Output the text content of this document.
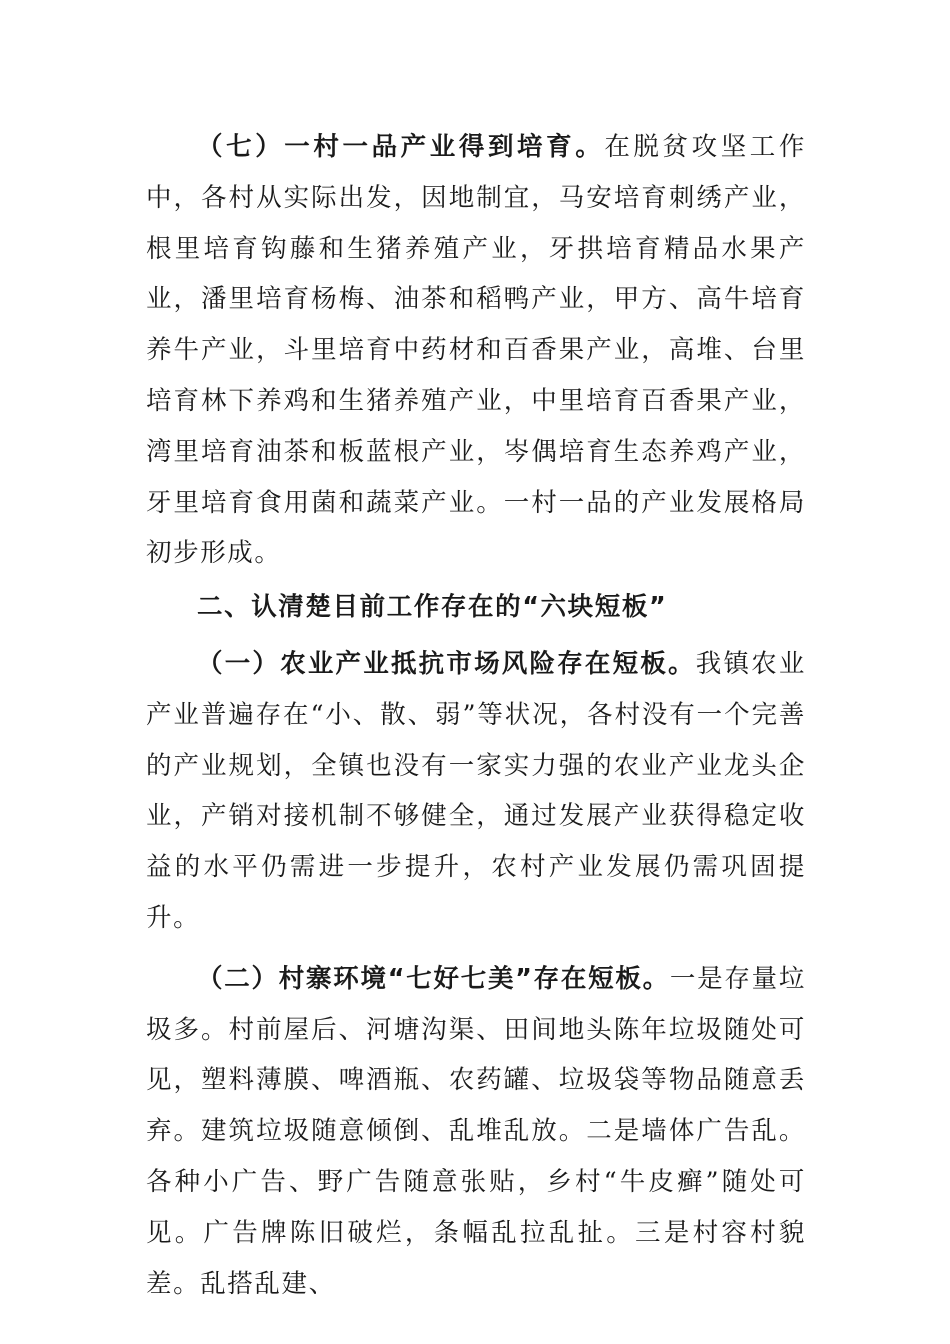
（七）一村一品产业得到培育。在脱贫攻坚工作中，各村从实际出发，因地制宜，马安培育刺绣产业，根里培育钩藤和生猪养殖产业，牙拱培育精品水果产业，潘里培育杨梅、油茶和稻鸭产业，甲方、高牛培育养牛产业，斗里培育中药材和百香果产业，高堆、台里培育林下养鸡和生猪养殖产业，中里培育百香果产业，湾里培育油茶和板蓝根产业，岑偶培育生态养鸡产业，牙里培育食用菌和蔬菜产业。一村一品的产业发展格局初步形成。

二、认清楚目前工作存在的“六块短板”

（一）农业产业抵抗市场风险存在短板。我镇农业产业普遍存在“小、散、弱”等状况，各村没有一个完善的产业规划，全镇也没有一家实力强的农业产业龙头企业，产销对接机制不够健全，通过发展产业获得稳定收益的水平仍需进一步提升，农村产业发展仍需巩固提升。

（二）村寨环境“七好七美”存在短板。一是存量垃圾多。村前屋后、河塘沟渠、田间地头陈年垃圾随处可见，塑料薄膜、啤酒瓶、农药罐、垃圾袋等物品随意丢弃。建筑垃圾随意倾倒、乱堆乱放。二是墙体广告乱。各种小广告、野广告随意张贴，乡村“牛皮癣”随处可见。广告牌陈旧破烂，条幅乱拉乱扯。三是村容村貌差。乱搭乱建、
